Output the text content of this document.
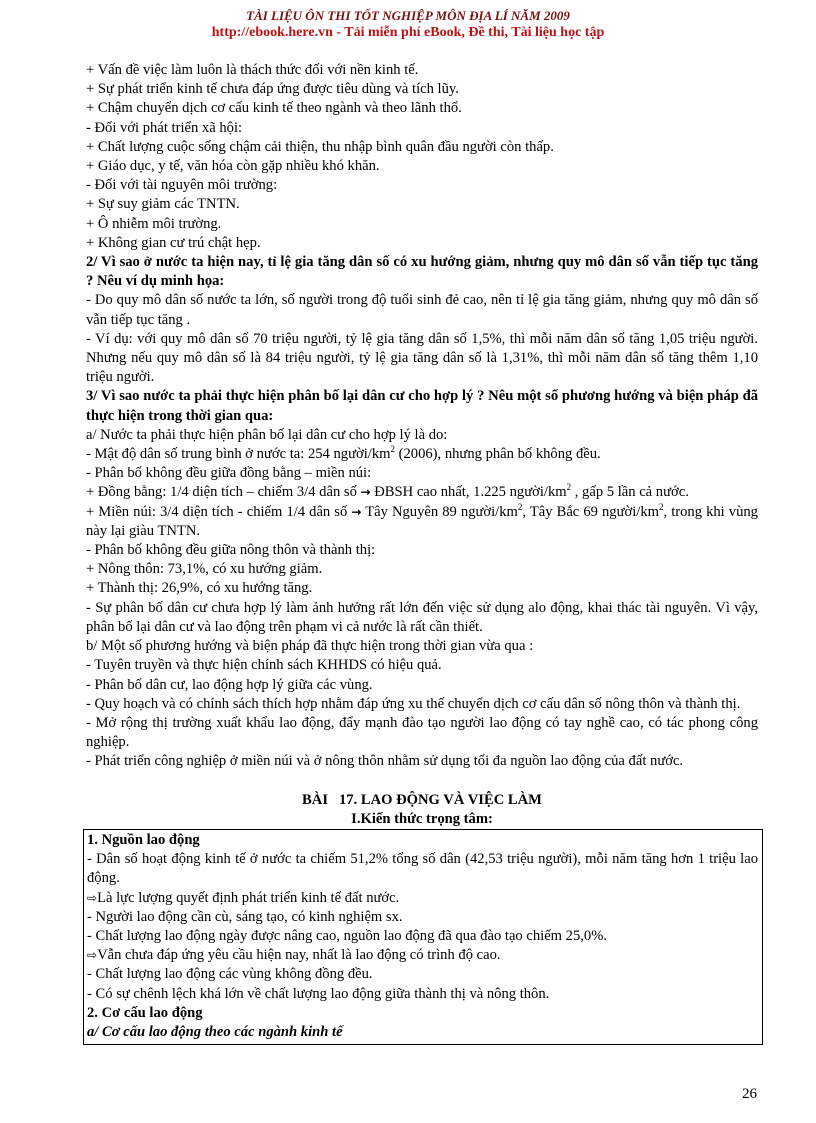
TÀI LIỆU ÔN THI TỐT NGHIỆP MÔN ĐỊA LÍ NĂM 2009
http://ebook.here.vn - Tải miễn phí eBook, Đề thi, Tài liệu học tập

+ Vấn đề việc làm luôn là thách thức đối với nền kinh tế.

+ Sự phát triển kinh tế chưa đáp ứng được tiêu dùng và tích lũy.

+ Chậm chuyển dịch cơ cấu kinh tế theo ngành và theo lãnh thổ.

- Đối với phát triển xã hội:

+ Chất lượng cuộc sống chậm cải thiện, thu nhập bình quân đầu người còn thấp.

+ Giáo dục, y tế, văn hóa còn gặp nhiều khó khăn.

- Đối với tài nguyên môi trường:

+ Sự suy giảm các TNTN.

+ Ô nhiễm môi trường.

+ Không gian cư trú chật hẹp.

2/ Vì sao ở nước ta hiện nay, tỉ lệ gia tăng dân số có xu hướng giảm, nhưng quy mô dân số vẫn tiếp tục tăng ? Nêu ví dụ minh họa:

- Do quy mô dân số nước ta lớn, số người trong độ tuổi sinh đẻ cao, nên tỉ lệ gia tăng giảm, nhưng quy mô dân số vẫn tiếp tục tăng .

- Ví dụ: với quy mô dân số 70 triệu người, tỷ lệ gia tăng dân số 1,5%, thì mỗi năm dân số tăng 1,05 triệu người. Nhưng nếu quy mô dân số là 84 triệu người, tỷ lệ gia tăng dân số là 1,31%, thì mỗi năm dân số tăng thêm 1,10 triệu người.

3/ Vì sao nước ta phải thực hiện phân bố lại dân cư cho hợp lý ? Nêu một số phương hướng và biện pháp đã thực hiện trong thời gian qua:

a/ Nước ta phải thực hiện phân bố lại dân cư cho hợp lý là do:

- Mật độ dân số trung bình ở nước ta: 254 người/$km^2$ (2006), nhưng phân bố không đều.

- Phân bố không đều giữa đồng bằng – miền núi:

+ Đồng bằng: 1/4 diện tích – chiếm 3/4 dân số → ĐBSH cao nhất, 1.225 người/$km^2$ , gấp 5 lần cả nước.

+ Miền núi: 3/4 diện tích - chiếm 1/4 dân số → Tây Nguyên 89 người/$km^2$, Tây Bắc 69 người/$km^2$, trong khi vùng này lại giàu TNTN.

- Phân bố không đều giữa nông thôn và thành thị:

+ Nông thôn: 73,1%, có xu hướng giảm.

+ Thành thị: 26,9%, có xu hướng tăng.

- Sự phân bố dân cư chưa hợp lý làm ảnh hưởng rất lớn đến việc sử dụng alo động, khai thác tài nguyên. Vì vậy, phân bố lại dân cư và lao động trên phạm vi cả nước là rất cần thiết.

b/ Một số phương hướng và biện pháp đã thực hiện trong thời gian vừa qua :

- Tuyên truyền và thực hiện chính sách KHHDS có hiệu quả.

- Phân bố dân cư, lao động hợp lý giữa các vùng.

- Quy hoạch và có chính sách thích hợp nhằm đáp ứng xu thế chuyển dịch cơ cấu dân số nông thôn và thành thị.

- Mở rộng thị trường xuất khẩu lao động, đẩy mạnh đào tạo người lao động có tay nghề cao, có tác phong công nghiệp.

- Phát triển công nghiệp ở miền núi và ở nông thôn nhằm sử dụng tối đa nguồn lao động của đất nước.

BÀI   17. LAO ĐỘNG VÀ VIỆC LÀM

I.Kiến thức trọng tâm:

1. Nguồn lao động

- Dân số hoạt động kinh tế ở nước ta chiếm 51,2% tổng số dân (42,53 triệu người), mỗi năm tăng hơn 1 triệu lao động.

⇨Là lực lượng quyết định phát triển kinh tế đất nước.

- Người lao động cần cù, sáng tạo, có kinh nghiệm sx.

- Chất lượng lao động ngày được nâng cao, nguồn lao động đã qua đào tạo chiếm 25,0%.

⇨Vẫn chưa đáp ứng yêu cầu hiện nay, nhất là lao động có trình độ cao.

- Chất lượng lao động các vùng không đồng đều.

- Có sự chênh lệch khá lớn về chất lượng lao động giữa thành thị và nông thôn.

2. Cơ cấu lao động

a/ Cơ cấu lao động theo các ngành kinh tế

26
